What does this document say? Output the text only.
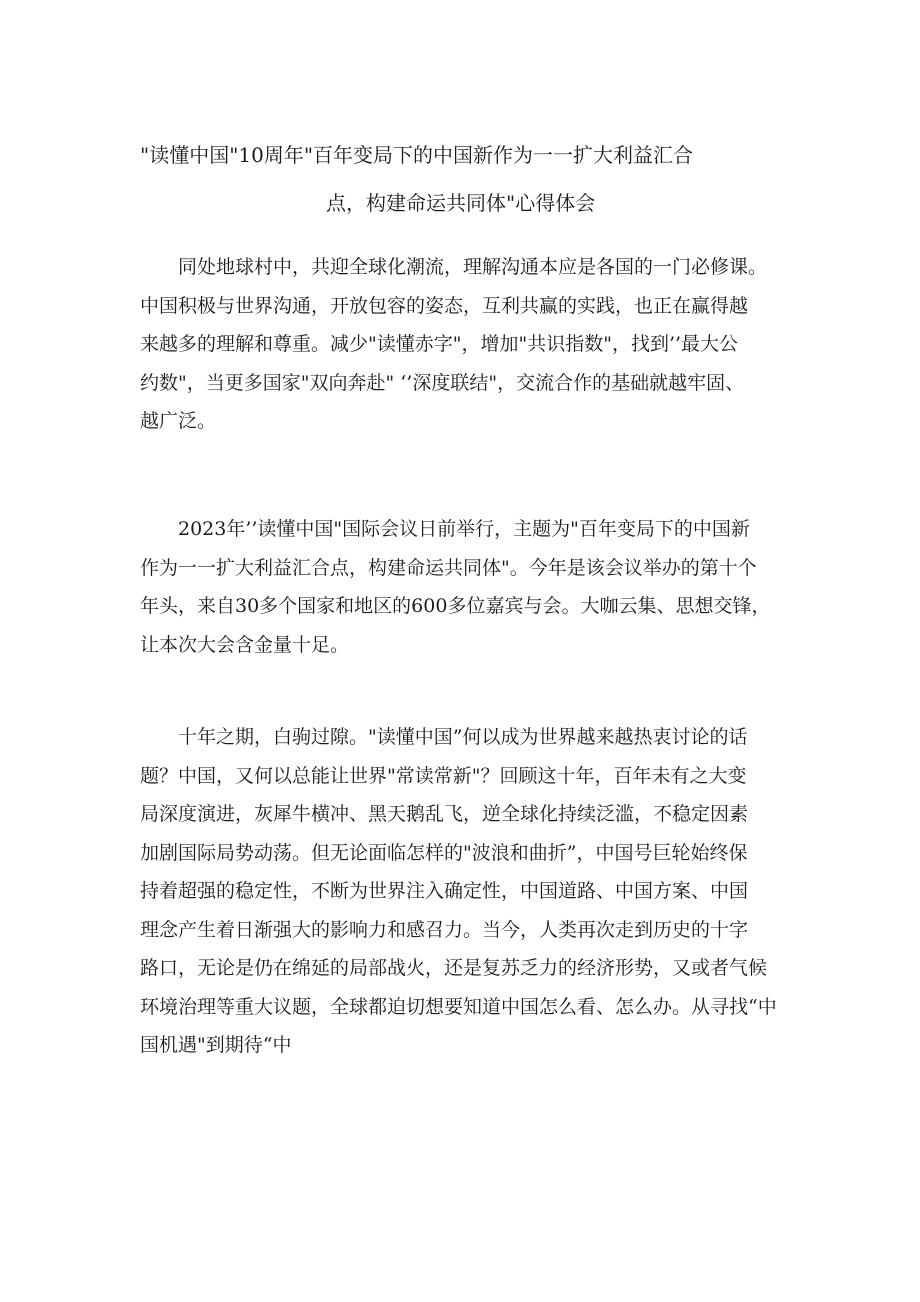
"读懂中国"10周年"百年变局下的中国新作为一一扩大利益汇合
点，构建命运共同体"心得体会

同处地球村中，共迎全球化潮流，理解沟通本应是各国的一门必修课。
中国积极与世界沟通，开放包容的姿态，互利共赢的实践，也正在赢得越
来越多的理解和尊重。减少"读懂赤字"，增加"共识指数"，找到’’最大公
约数"，当更多国家"双向奔赴" ‘’深度联结"，交流合作的基础就越牢固、
越广泛。

2023年’’读懂中国"国际会议日前举行，主题为"百年变局下的中国新
作为一一扩大利益汇合点，构建命运共同体"。今年是该会议举办的第十个
年头，来自30多个国家和地区的600多位嘉宾与会。大咖云集、思想交锋，
让本次大会含金量十足。

十年之期，白驹过隙。"读懂中国”何以成为世界越来越热衷讨论的话
题？中国，又何以总能让世界"常读常新"？回顾这十年，百年未有之大变
局深度演进，灰犀牛横冲、黑天鹅乱飞，逆全球化持续泛滥，不稳定因素
加剧国际局势动荡。但无论面临怎样的"波浪和曲折”，中国号巨轮始终保
持着超强的稳定性，不断为世界注入确定性，中国道路、中国方案、中国
理念产生着日渐强大的影响力和感召力。当今，人类再次走到历史的十字
路口，无论是仍在绵延的局部战火，还是复苏乏力的经济形势，又或者气候
环境治理等重大议题，全球都迫切想要知道中国怎么看、怎么办。从寻找“中
国机遇"到期待“中
